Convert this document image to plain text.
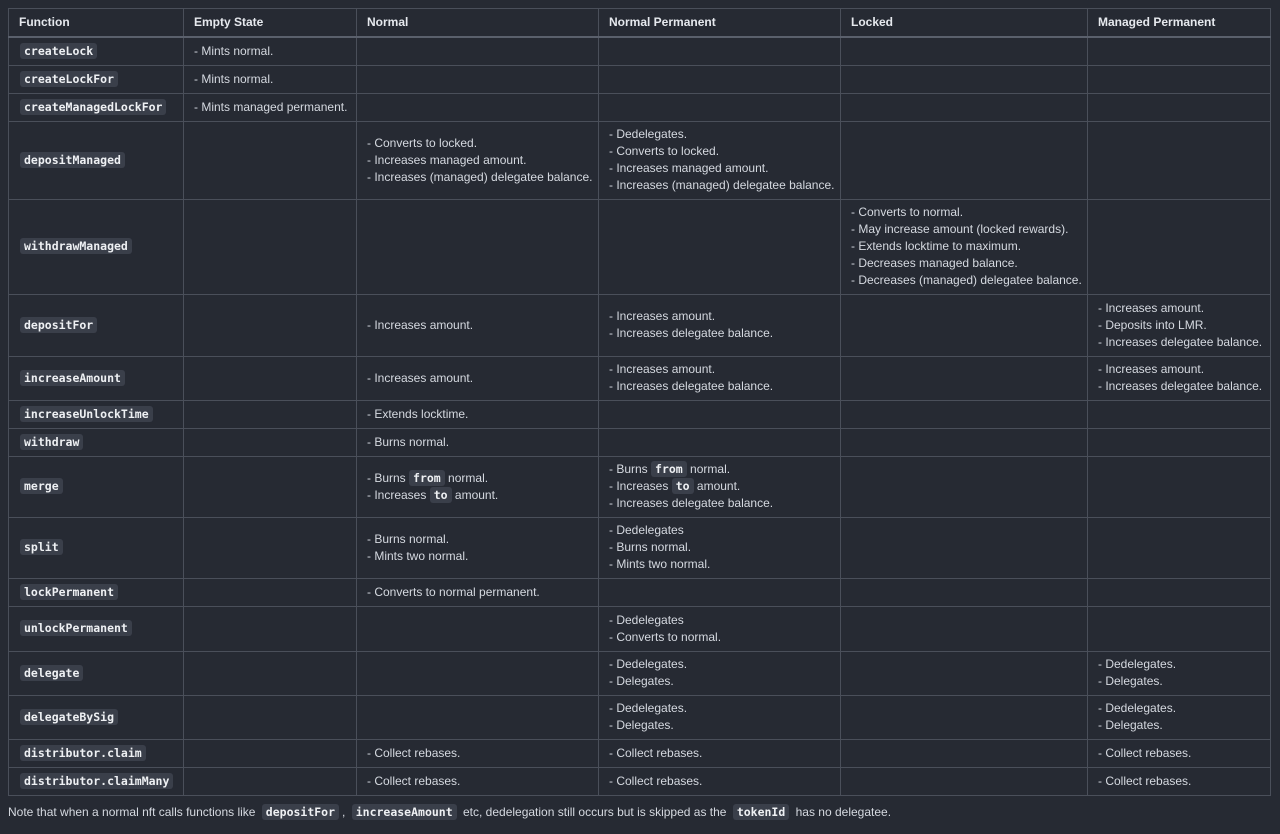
Function	Empty State	Normal	Normal Permanent	Locked	Managed Permanent
createLock	- Mints normal.				

createLockFor	- Mints normal.				

createManagedLockFor	- Mints managed permanent.				

depositManaged		- Converts to locked.
- Increases managed amount.
- Increases (managed) delegatee balance.	- Dedelegates.
- Converts to locked.
- Increases managed amount.
- Increases (managed) delegatee balance.		

withdrawManaged				- Converts to normal.
- May increase amount (locked rewards).
- Extends locktime to maximum.
- Decreases managed balance.
- Decreases (managed) delegatee balance.	

depositFor		- Increases amount.	- Increases amount.
- Increases delegatee balance.		- Increases amount.
- Deposits into LMR.
- Increases delegatee balance.

increaseAmount		- Increases amount.	- Increases amount.
- Increases delegatee balance.		- Increases amount.
- Increases delegatee balance.

increaseUnlockTime		- Extends locktime.			

withdraw		- Burns normal.			

merge		- Burns from normal.
- Increases to amount.	- Burns from normal.
- Increases to amount.
- Increases delegatee balance.		

split		- Burns normal.
- Mints two normal.	- Dedelegates
- Burns normal.
- Mints two normal.		

lockPermanent		- Converts to normal permanent.			

unlockPermanent			- Dedelegates
- Converts to normal.		

delegate			- Dedelegates.
- Delegates.		- Dedelegates.
- Delegates.

delegateBySig			- Dedelegates.
- Delegates.		- Dedelegates.
- Delegates.

distributor.claim		- Collect rebases.	- Collect rebases.		- Collect rebases.

distributor.claimMany		- Collect rebases.	- Collect rebases.		- Collect rebases.
Note that when a normal nft calls functions like depositFor , increaseAmount etc, dedelegation still occurs but is skipped as the tokenId has no delegatee.
